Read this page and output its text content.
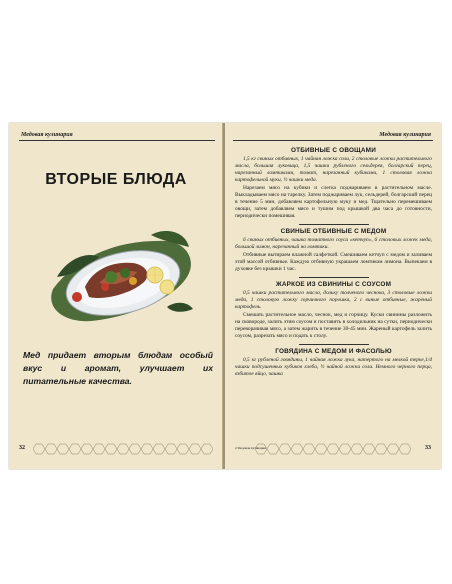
Медовая кулинария
ВТОРЫЕ БЛЮДА
Мед придает вторым блюдам особый вкус и аромат, улучшает их питательные качества.
32
Медовая кулинария
ОТБИВНЫЕ С ОВОЩАМИ

1,5 кг свиных отбивных, 1 чайная ложка соли, 2 столовые ложки растительного масла, большая луковица, 1,5 чашки рубленого сельдерея, болгарский перец, нарезанный ломтиками, томат, нарезанный кубиками, 1 столовая ложка картофельной муки, ½ чашки меда.

Нарезаем мясо на кубики и слегка поджариваем в растительном масле. Выкладываем мясо на тарелку. Затем поджариваем лук, сельдерей, болгарский перец в течение 5 мин, добавляем картофельную муку и мед. Тщательно перемешиваем овощи, затем добавляем мясо и тушим под крышкой два часа до готовности, периодически помешивая.

СВИНЫЕ ОТБИВНЫЕ С МЕДОМ

6 свиных отбивных, чашка томатного соуса «кетчуп», 6 столовых ложек меда, большой лимон, нарезанный на ломтики.

Отбивные вытираем влажной салфеткой. Смешиваем кетчуп с медом и заливаем этой массой отбивные. Каждую отбивную украшаем ломтиком лимона. Выпекаем в духовке без крышки 1 час.

ЖАРКОЕ ИЗ СВИНИНЫ С СОУСОМ

0,5 чашки растительного масла, дольку толченого чеснока, 3 столовые ложки меда, 1 столовую ложку горчичного порошка, 2 с виные отбивные, жареный картофель.

Смешать растительное масло, чеснок, мед и горчицу. Куски свинины разложить на сковороде, залить этим соусом и поставить в холодильник на сутки, периодически переворачивая мясо, а затем жарить в течение 30-45 мин. Жареный картофель залить соусом, разрезать мясо и подать к столу.

ГОВЯДИНА С МЕДОМ И ФАСОЛЬЮ

0,5 кг рубленой говядины, 1 чайная ложка лука, натертого на мелкой терке,1/4 чашки подсушенных кубиков хлеба, ½ чайной ложки соли. Немного черного перца, взбитое яйцо, чашка

2 Медовая кулинария	33
